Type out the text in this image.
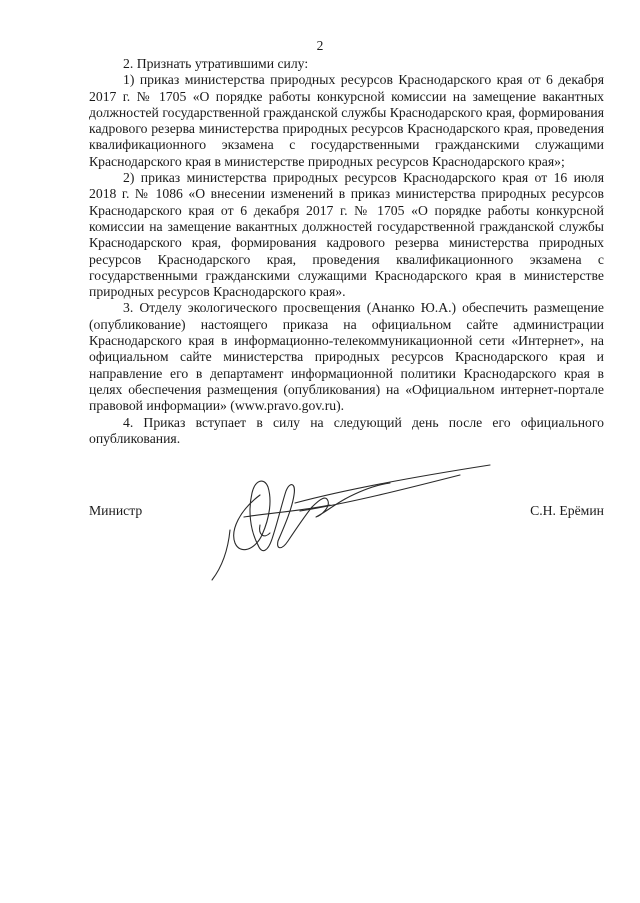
2

2. Признать утратившими силу:

1) приказ министерства природных ресурсов Краснодарского края от 6 декабря 2017 г. № 1705 «О порядке работы конкурсной комиссии на замещение вакантных должностей государственной гражданской службы Краснодарского края, формирования кадрового резерва министерства природных ресурсов Краснодарского края, проведения квалификационного экзамена с государственными гражданскими служащими Краснодарского края в министерстве природных ресурсов Краснодарского края»;

2) приказ министерства природных ресурсов Краснодарского края от 16 июля 2018 г. № 1086 «О внесении изменений в приказ министерства природных ресурсов Краснодарского края от 6 декабря 2017 г. № 1705 «О порядке работы конкурсной комиссии на замещение вакантных должностей государственной гражданской службы Краснодарского края, формирования кадрового резерва министерства природных ресурсов Краснодарского края, проведения квалификационного экзамена с государственными гражданскими служащими Краснодарского края в министерстве природных ресурсов Краснодарского края».

3. Отделу экологического просвещения (Ананко Ю.А.) обеспечить размещение (опубликование) настоящего приказа на официальном сайте администрации Краснодарского края в информационно-телекоммуникационной сети «Интернет», на официальном сайте министерства природных ресурсов Краснодарского края и направление его в департамент информационной политики Краснодарского края в целях обеспечения размещения (опубликования) на «Официальном интернет-портале правовой информации» (www.pravo.gov.ru).

4. Приказ вступает в силу на следующий день после его официального опубликования.

Министр	С.Н. Ерёмин
